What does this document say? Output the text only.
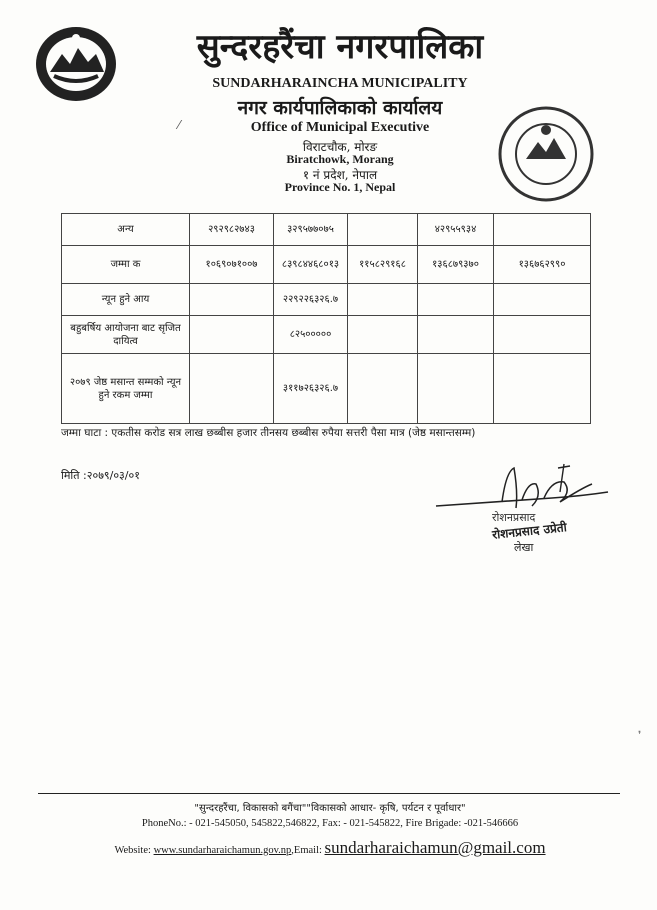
सुन्दरहरैंचा नगरपालिका
SUNDARHARAINCHA MUNICIPALITY
नगर कार्यपालिकाको कार्यालय
Office of Municipal Executive
विराटचौक, मोरङ
Biratchowk, Morang
१ नं प्रदेश, नेपाल
Province No. 1, Nepal
⁄
अन्य	२९२९८२७४३	३२९५७७०७५		४२९५५९३४	
जम्मा क	१०६९०७१००७	८३९८४४६८०१३	११५८२९१६८	१३६८७९३७०	१३६७६२९९०
न्यून हुने आय		२२९२२६३२६.७			
बहुबर्षिय आयोजना बाट सृजित दायित्व		८२५०००००			
२०७९ जेष्ठ मसान्त सम्मको न्यून हुने रकम जम्मा		३११७२६३२६.७			
जम्मा घाटा : एकतीस करोड सत्र लाख छब्बीस हजार तीनसय छब्बीस रुपैया सत्तरी पैसा मात्र (जेष्ठ मसान्तसम्म)
मिति :२०७९/०३/०१
रोशनप्रसाद
रोशनप्रसाद उप्रेती
लेखा
❜
"सुन्दरहरैंचा, विकासको बगैंचा""विकासको आधार- कृषि, पर्यटन र पूर्वाधार"
PhoneNo.: - 021-545050, 545822,546822, Fax: - 021-545822, Fire Brigade: -021-546666
Website: www.sundarharaichamun.gov.np,Email: sundarharaichamun@gmail.com
